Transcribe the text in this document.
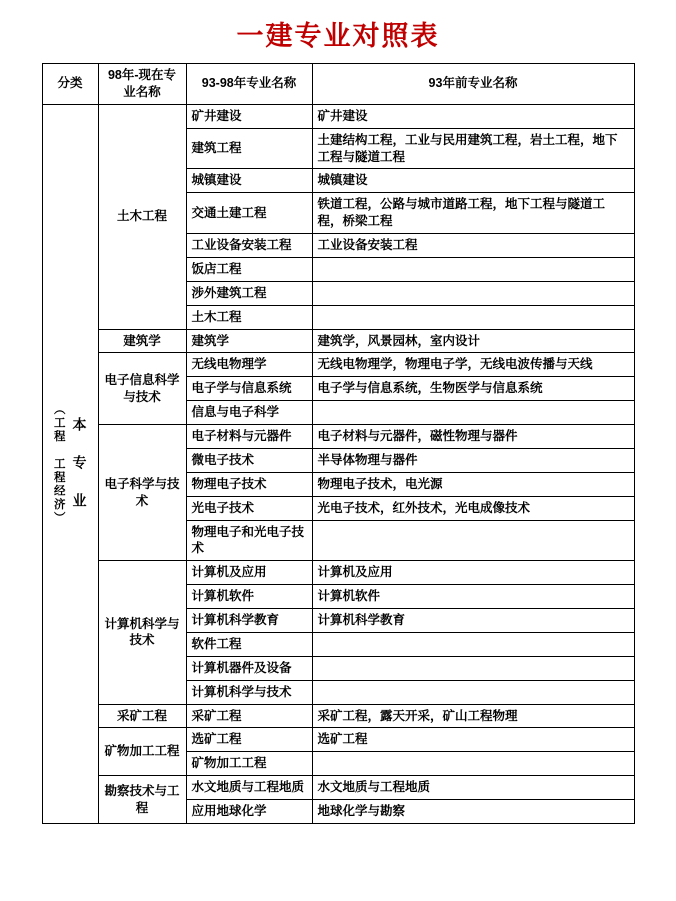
一建专业对照表
分类	98年-现在专业名称	93-98年专业名称	93年前专业名称

（工程 工程经济） 本 专 业	土木工程	矿井建设	矿井建设
		建筑工程	土建结构工程，工业与民用建筑工程，岩土工程，地下工程与隧道工程
		城镇建设	城镇建设
		交通土建工程	铁道工程，公路与城市道路工程，地下工程与隧道工程，桥梁工程
		工业设备安装工程	工业设备安装工程
		饭店工程	
		涉外建筑工程	
		土木工程	
	建筑学	建筑学	建筑学，风景园林，室内设计
	电子信息科学与技术	无线电物理学	无线电物理学，物理电子学，无线电波传播与天线
		电子学与信息系统	电子学与信息系统，生物医学与信息系统
		信息与电子科学	
	电子科学与技术	电子材料与元器件	电子材料与元器件，磁性物理与器件
		微电子技术	半导体物理与器件
		物理电子技术	物理电子技术，电光源
		光电子技术	光电子技术，红外技术，光电成像技术
		物理电子和光电子技术	
	计算机科学与技术	计算机及应用	计算机及应用
		计算机软件	计算机软件
		计算机科学教育	计算机科学教育
		软件工程	
		计算机器件及设备	
		计算机科学与技术	
	采矿工程	采矿工程	采矿工程，露天开采，矿山工程物理
	矿物加工工程	选矿工程	选矿工程
		矿物加工工程	
	勘察技术与工程	水文地质与工程地质	水文地质与工程地质
		应用地球化学	地球化学与勘察
